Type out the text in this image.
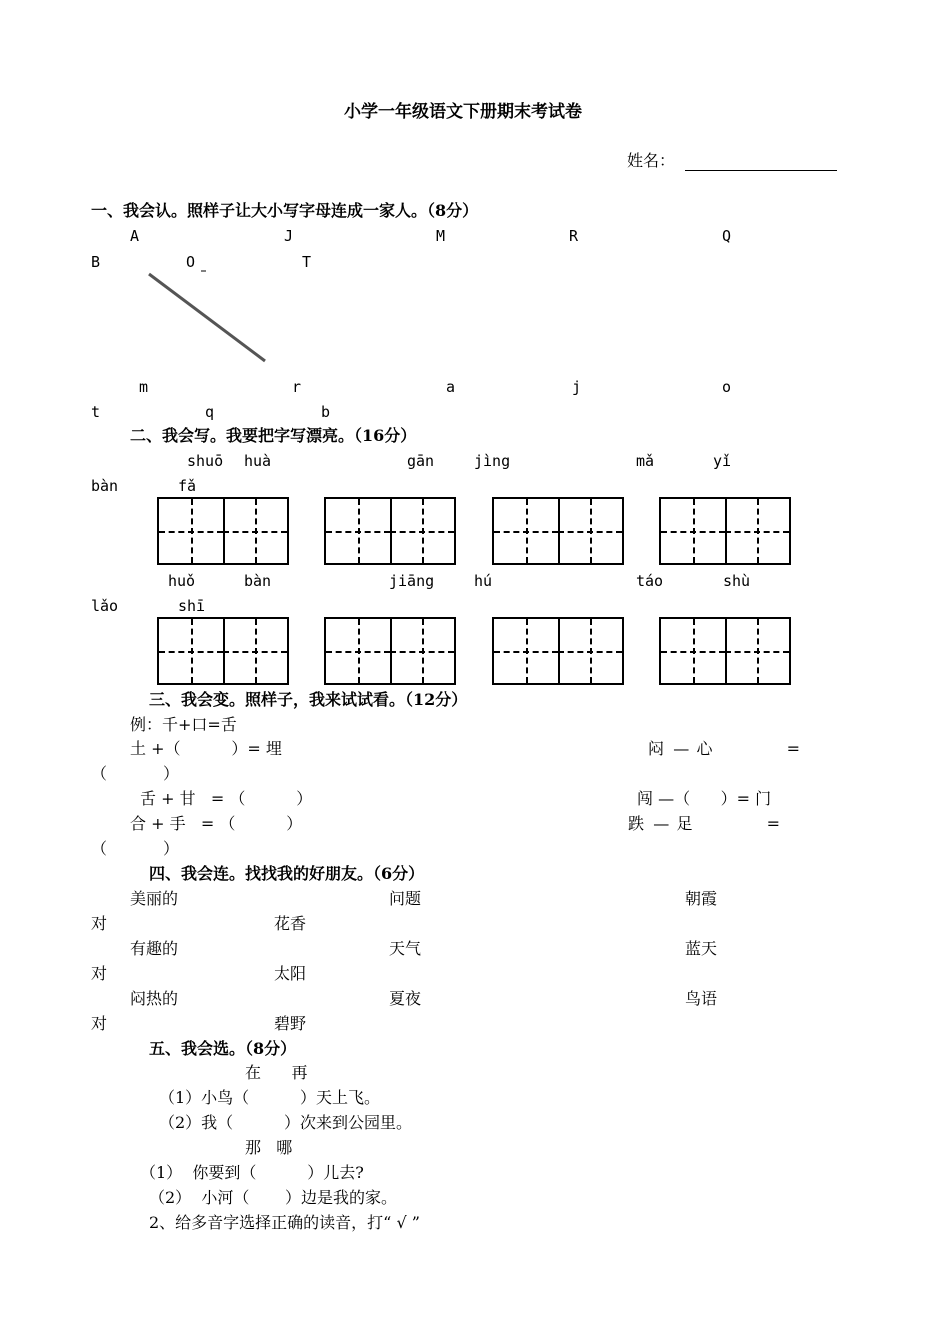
小学一年级语文下册期末考试卷
姓名：
一、我会认。照样子让大小写字母连成一家人。（8分）
A	J	M	R	Q
B	O	T
m	r	a	j	o
t	q	b
二、我会写。我要把字写漂亮。（16分）
shuō huà	gān	jìng	mǎ	yǐ
bàn	fǎ
huǒ	bàn	jiāng	hú	táo	shù
lǎo	shī
三、我会变。照样子，我来试试看。（12分）
例：千+口=舌
土 +（          ）= 埋	闷 — 心          =
（           ）
舌 + 甘   = （          ）	闯 —（      ）= 门
合 + 手   = （          ）	跌 — 足          =
（           ）
四、我会连。找找我的好朋友。（6分）
美丽的	问题	朝霞
对	花香
有趣的	天气	蓝天
对	太阳
闷热的	夏夜	鸟语
对	碧野
五、我会选。（8分）
在      再
（1）小鸟（          ）天上飞。
（2）我（          ）次来到公园里。
那   哪
（1）  你要到（          ）儿去?
（2）  小河（       ）边是我的家。
2、给多音字选择正确的读音，打“ √ ”
